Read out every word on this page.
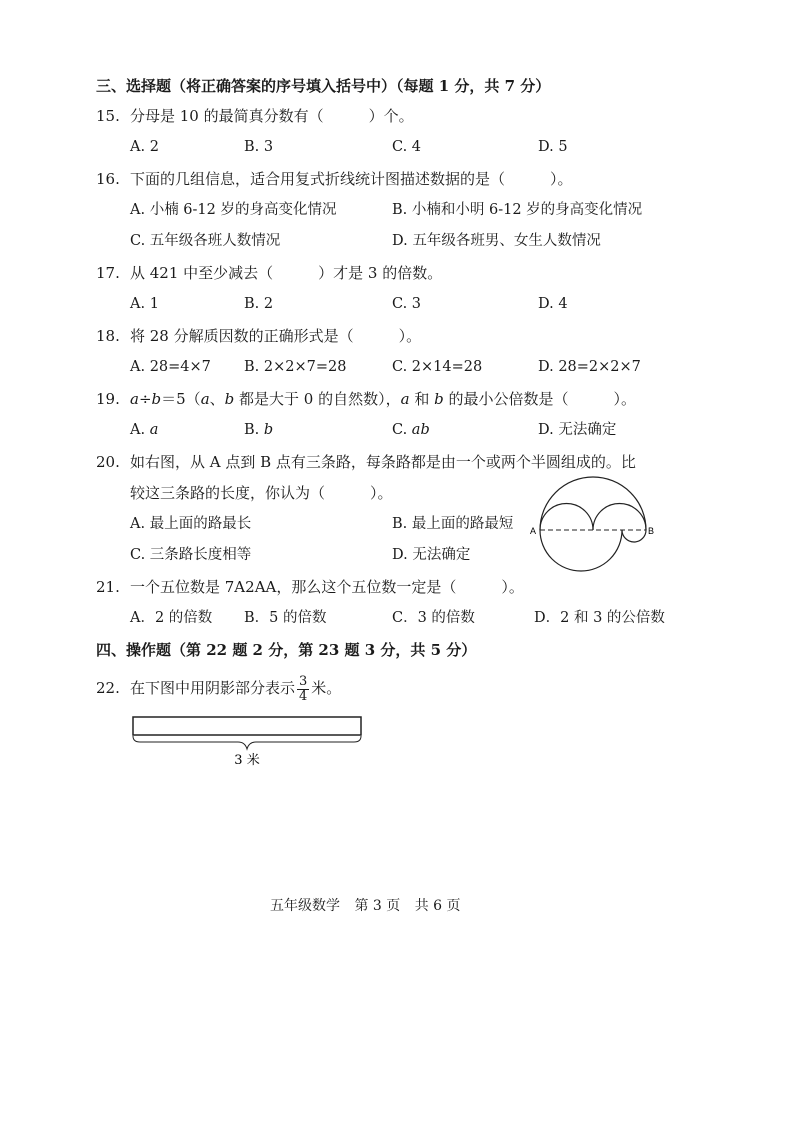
三、选择题（将正确答案的序号填入括号中）（每题 1 分，共 7 分）
15. 分母是 10 的最简真分数有（　　　）个。
A. 2	B. 3	C. 4	D. 5
16. 下面的几组信息，适合用复式折线统计图描述数据的是（　　　）。
A. 小楠 6-12 岁的身高变化情况	B. 小楠和小明 6-12 岁的身高变化情况
C. 五年级各班人数情况	D. 五年级各班男、女生人数情况
17. 从 421 中至少减去（　　　）才是 3 的倍数。
A. 1	B. 2	C. 3	D. 4
18. 将 28 分解质因数的正确形式是（　　　）。
A. 28=4×7 B. 2×2×7=28	C. 2×14=28	D. 28=2×2×7
19. a÷b＝5（a、b 都是大于 0 的自然数），a 和 b 的最小公倍数是（　　　）。
A. a	B. b	C. ab	D. 无法确定
20. 如右图，从 A 点到 B 点有三条路，每条路都是由一个或两个半圆组成的。比
较这三条路的长度，你认为（　　　）。
A. 最上面的路最长	B. 最上面的路最短
C. 三条路长度相等	D. 无法确定
A	B
21. 一个五位数是 7A2AA，那么这个五位数一定是（　　　）。
A．2 的倍数 B．5 的倍数	C．3 的倍数	D．2 和 3 的公倍数
四、操作题（第 22 题 2 分，第 23 题 3 分，共 5 分）
22. 在下图中用阴影部分表示 $\frac{3}{4}$ 米。
3 米
五年级数学 第 3 页 共 6 页
